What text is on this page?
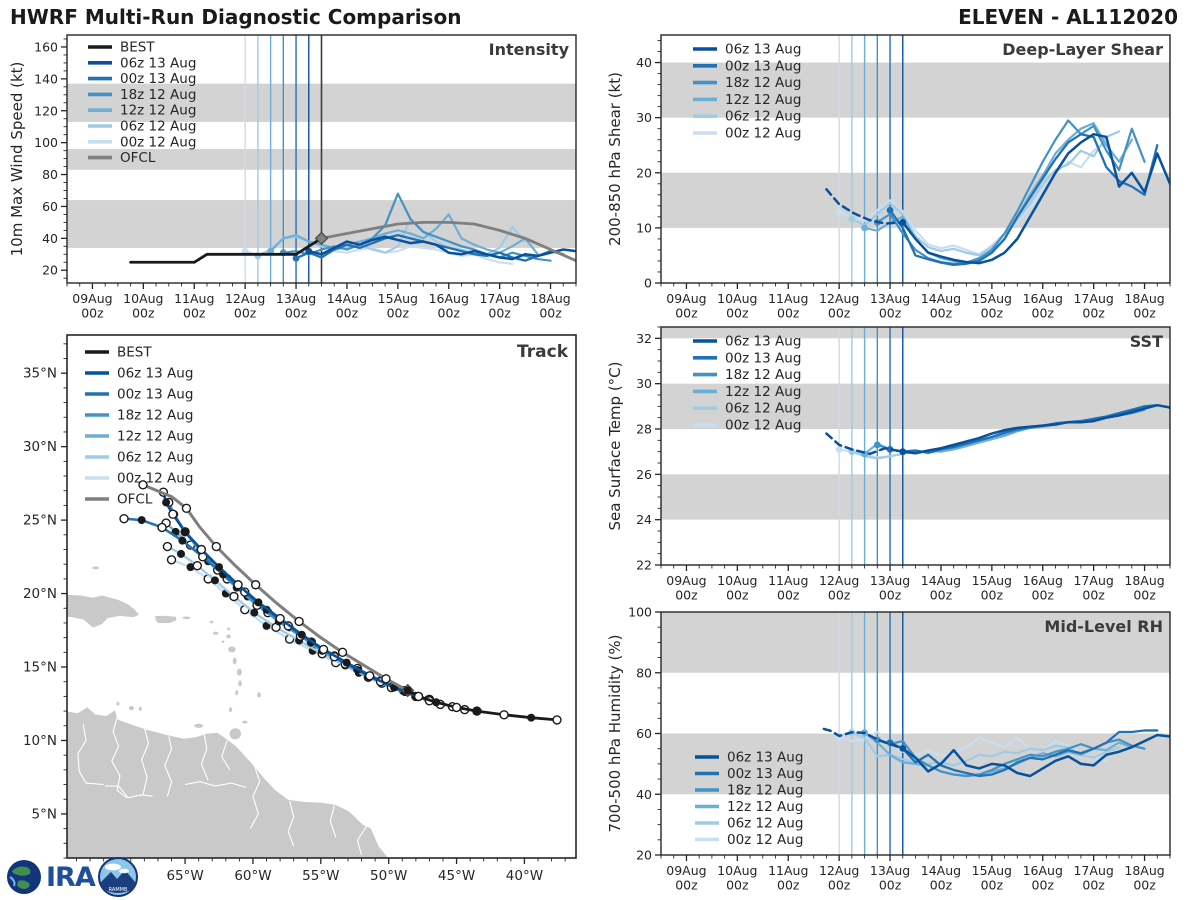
HWRF Multi-Run Diagnostic Comparison	ELEVEN - AL112020
09Aug 00z
10Aug 00z
11Aug 00z
12Aug 00z
13Aug 00z
14Aug 00z
15Aug 00z
16Aug 00z
17Aug 00z
18Aug 00z
20
40
60
80
100
120
140
160	Intensity
10m Max Wind Speed (kt)
BEST
06z 13 Aug
00z 13 Aug
18z 12 Aug
12z 12 Aug
06z 12 Aug
00z 12 Aug
OFCL
09Aug 00z
10Aug 00z
11Aug 00z
12Aug 00z
13Aug 00z
14Aug 00z
15Aug 00z
16Aug 00z
17Aug 00z
18Aug 00z
0
10
20
30
40
Deep-Layer Shear
200-850 hPa Shear (kt)
06z 13 Aug
00z 13 Aug
18z 12 Aug
12z 12 Aug
06z 12 Aug
00z 12 Aug
09Aug 00z
10Aug 00z
11Aug 00z
12Aug 00z
13Aug 00z
14Aug 00z
15Aug 00z
16Aug 00z
17Aug 00z
18Aug 00z
22
24
26
28
30
32	SST
Sea Surface Temp (°C)
06z 13 Aug
00z 13 Aug
18z 12 Aug
12z 12 Aug
06z 12 Aug
00z 12 Aug
09Aug 00z
10Aug 00z
11Aug 00z
12Aug 00z
13Aug 00z
14Aug 00z
15Aug 00z
16Aug 00z
17Aug 00z
18Aug 00z
20
40
60
80
100
Mid-Level RH
700-500 hPa Humidity (%)	06z 13 Aug
00z 13 Aug
18z 12 Aug
12z 12 Aug
06z 12 Aug
00z 12 Aug
65°W 60°W 55°W 50°W 45°W 40°W
5°N
10°N
15°N
20°N
25°N
30°N
35°N
Track
BEST
06z 13 Aug
00z 13 Aug
18z 12 Aug
12z 12 Aug
06z 12 Aug
00z 12 Aug
OFCL
IRA	RAMMB
